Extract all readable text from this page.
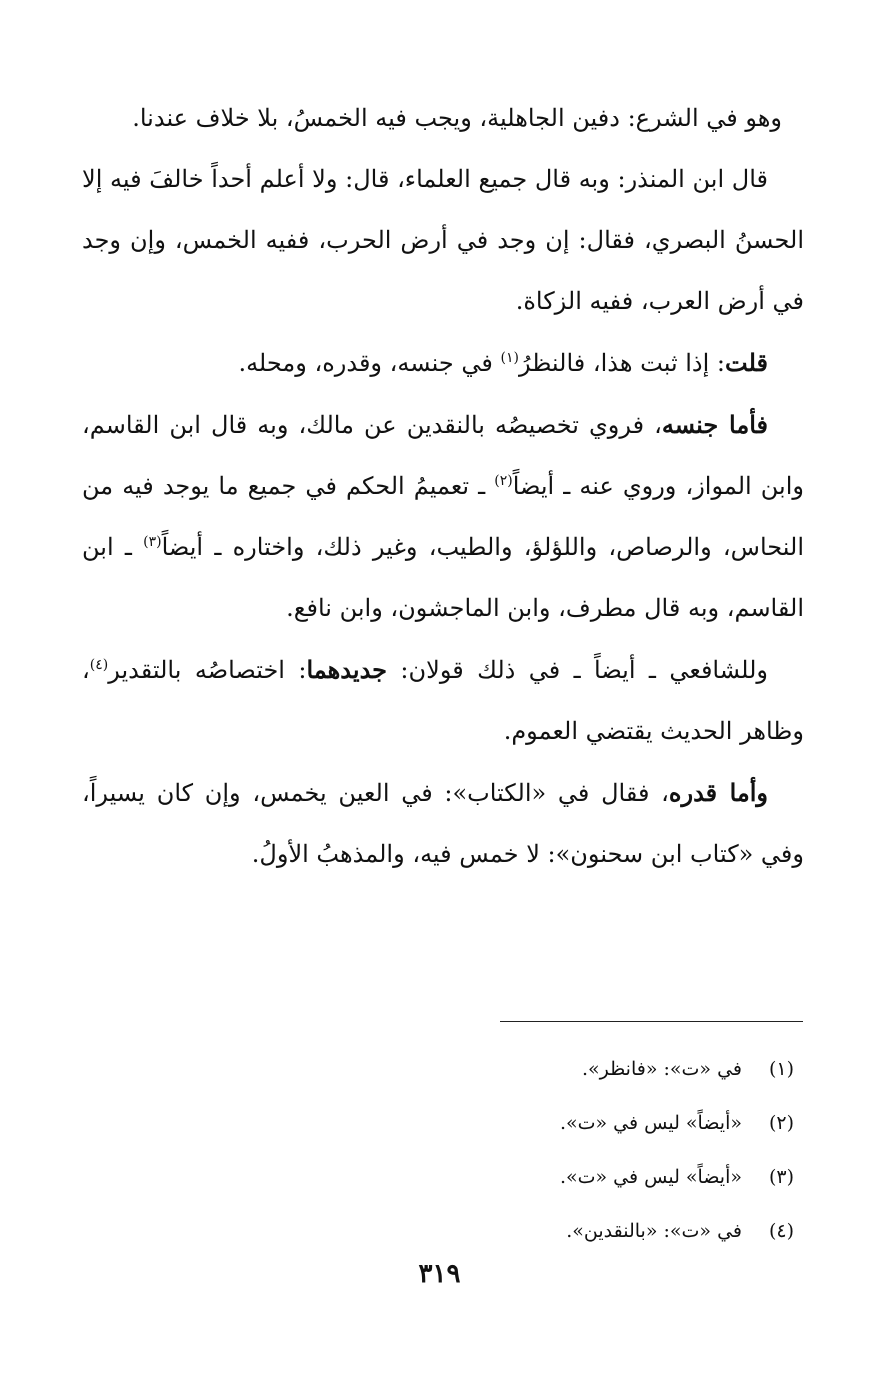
وهو في الشرع: دفين الجاهلية، ويجب فيه الخمسُ، بلا خلاف عندنا.

قال ابن المنذر: وبه قال جميع العلماء، قال: ولا أعلم أحداً خالفَ فيه إلا الحسنُ البصري، فقال: إن وجد في أرض الحرب، ففيه الخمس، وإن وجد في أرض العرب، ففيه الزكاة.

قلت: إذا ثبت هذا، فالنظرُ$^{(١)}$ في جنسه، وقدره، ومحله.

فأما جنسه، فروي تخصيصُه بالنقدين عن مالك، وبه قال ابن القاسم، وابن المواز، وروي عنه ـ أيضاً$^{(٢)}$ ـ تعميمُ الحكم في جميع ما يوجد فيه من النحاس، والرصاص، واللؤلؤ، والطيب، وغير ذلك، واختاره ـ أيضاً$^{(٣)}$ ـ ابن القاسم، وبه قال مطرف، وابن الماجشون، وابن نافع.

وللشافعي ـ أيضاً ـ في ذلك قولان: جديدهما: اختصاصُه بالتقدير$^{(٤)}$، وظاهر الحديث يقتضي العموم.

وأما قدره، فقال في «الكتاب»: في العين يخمس، وإن كان يسيراً، وفي «كتاب ابن سحنون»: لا خمس فيه، والمذهبُ الأولُ.

(١)
في «ت»: «فانظر».
(٢)
«أيضاً» ليس في «ت».
(٣)
«أيضاً» ليس في «ت».
(٤)
في «ت»: «بالنقدين».
٣١٩
